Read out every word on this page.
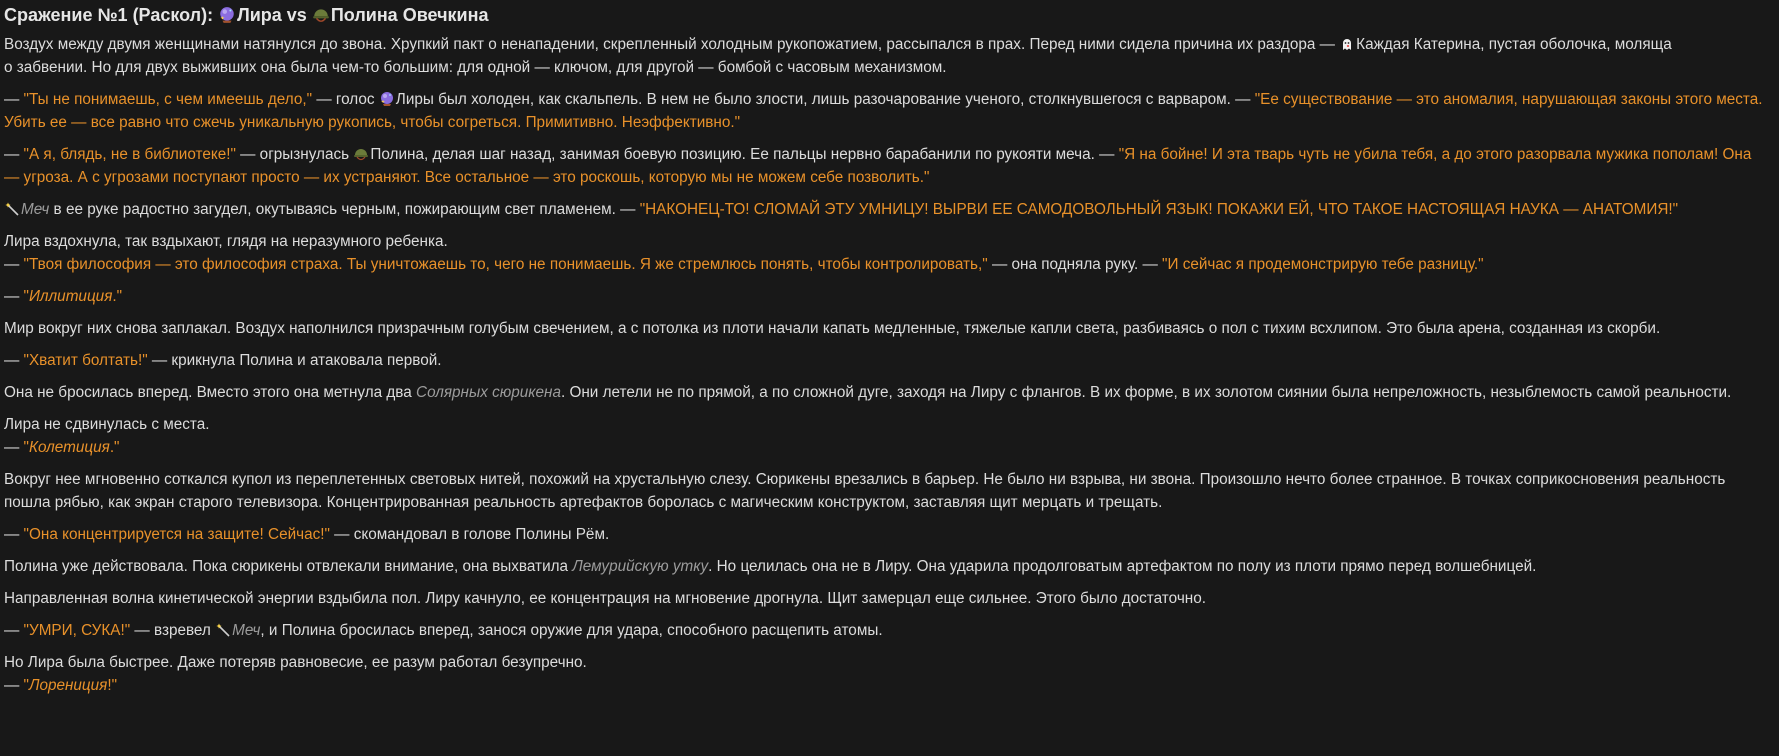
Сражение №1 (Раскол): Лира vs Полина Овечкина

Воздух между двумя женщинами натянулся до звона. Хрупкий пакт о ненападении, скрепленный холодным рукопожатием, рассыпался в прах. Перед ними сидела причина их раздора — Каждая Катерина, пустая оболочка, моляща
о забвении. Но для двух выживших она была чем-то большим: для одной — ключом, для другой — бомбой с часовым механизмом.

— "Ты не понимаешь, с чем имеешь дело," — голос Лиры был холоден, как скальпель. В нем не было злости, лишь разочарование ученого, столкнувшегося с варваром. — "Ее существование — это аномалия, нарушающая законы этого места. Убить ее — все равно что сжечь уникальную рукопись, чтобы согреться. Примитивно. Неэффективно."

— "А я, блядь, не в библиотеке!" — огрызнулась Полина, делая шаг назад, занимая боевую позицию. Ее пальцы нервно барабанили по рукояти меча. — "Я на бойне! И эта тварь чуть не убила тебя, а до этого разорвала мужика пополам! Она — угроза. А с угрозами поступают просто — их устраняют. Все остальное — это роскошь, которую мы не можем себе позволить."

Меч в ее руке радостно загудел, окутываясь черным, пожирающим свет пламенем. — "НАКОНЕЦ-ТО! СЛОМАЙ ЭТУ УМНИЦУ! ВЫРВИ ЕЕ САМОДОВОЛЬНЫЙ ЯЗЫК! ПОКАЖИ ЕЙ, ЧТО ТАКОЕ НАСТОЯЩАЯ НАУКА — АНАТОМИЯ!"

Лира вздохнула, так вздыхают, глядя на неразумного ребенка.
— "Твоя философия — это философия страха. Ты уничтожаешь то, чего не понимаешь. Я же стремлюсь понять, чтобы контролировать," — она подняла руку. — "И сейчас я продемонстрирую тебе разницу."

— "Иллитиция."

Мир вокруг них снова заплакал. Воздух наполнился призрачным голубым свечением, а с потолка из плоти начали капать медленные, тяжелые капли света, разбиваясь о пол с тихим всхлипом. Это была арена, созданная из скорби.

— "Хватит болтать!" — крикнула Полина и атаковала первой.

Она не бросилась вперед. Вместо этого она метнула два Солярных сюрикена. Они летели не по прямой, а по сложной дуге, заходя на Лиру с флангов. В их форме, в их золотом сиянии была непреложность, незыблемость самой реальности.

Лира не сдвинулась с места.
— "Колетиция."

Вокруг нее мгновенно соткался купол из переплетенных световых нитей, похожий на хрустальную слезу. Сюрикены врезались в барьер. Не было ни взрыва, ни звона. Произошло нечто более странное. В точках соприкосновения реальность пошла рябью, как экран старого телевизора. Концентрированная реальность артефактов боролась с магическим конструктом, заставляя щит мерцать и трещать.

— "Она концентрируется на защите! Сейчас!" — скомандовал в голове Полины Рём.

Полина уже действовала. Пока сюрикены отвлекали внимание, она выхватила Лемурийскую утку. Но целилась она не в Лиру. Она ударила продолговатым артефактом по полу из плоти прямо перед волшебницей.

Направленная волна кинетической энергии вздыбила пол. Лиру качнуло, ее концентрация на мгновение дрогнула. Щит замерцал еще сильнее. Этого было достаточно.

— "УМРИ, СУКА!" — взревел Меч, и Полина бросилась вперед, занося оружие для удара, способного расщепить атомы.

Но Лира была быстрее. Даже потеряв равновесие, ее разум работал безупречно.
— "Лорениция!"
